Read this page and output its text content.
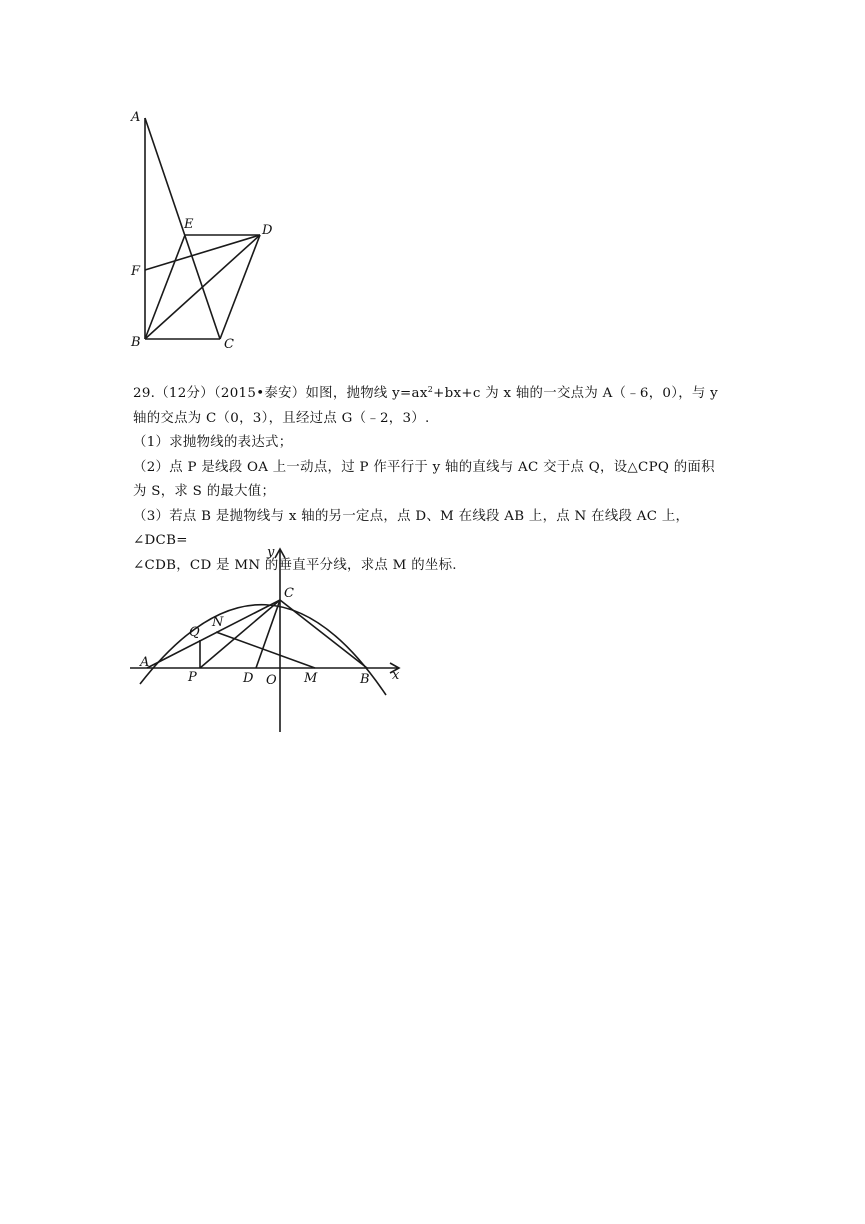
A
E	D
F
B	C

29.（12分）（2015•泰安）如图，抛物线 $y=ax^2+bx+c$ 为 x 轴的一交点为 A（﹣6，0），与 y

轴的交点为 C（0，3），且经过点 G（﹣2，3）.

（1）求抛物线的表达式；

（2）点 P 是线段 OA 上一动点，过 P 作平行于 y 轴的直线与 AC 交于点 Q，设△CPQ 的面积

为 S，求 S 的最大值；

（3）若点 B 是抛物线与 x 轴的另一定点，点 D、M 在线段 AB 上，点 N 在线段 AC 上，∠DCB=

∠CDB，CD 是 MN 的垂直平分线，求点 M 的坐标.

y
x
C
Q
N
A
P	D O M	B
